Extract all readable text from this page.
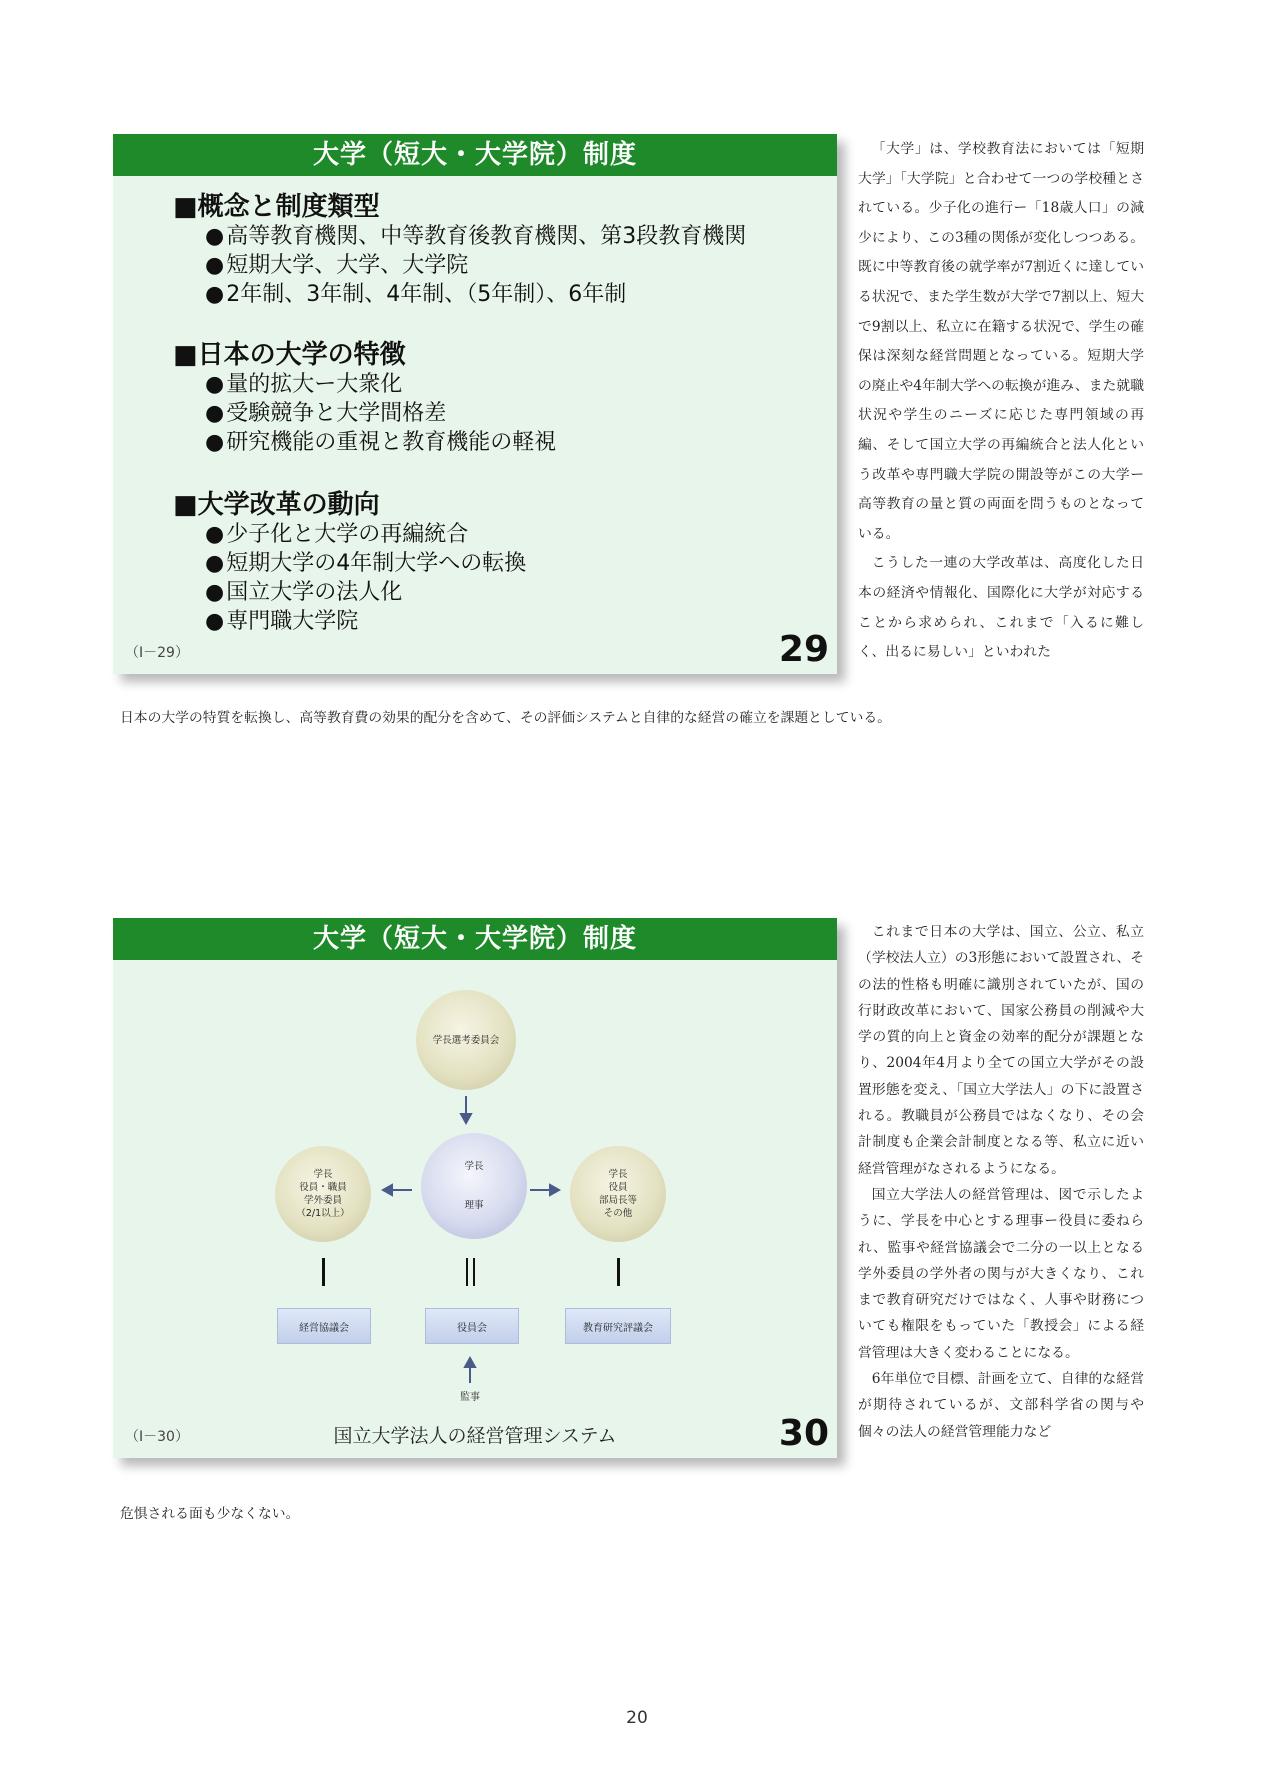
大学（短大・大学院）制度
■概念と制度類型
● 高等教育機関、中等教育後教育機関、第3段教育機関
● 短期大学、大学、大学院
● 2年制、3年制、4年制、（5年制）、6年制
■日本の大学の特徴
● 量的拡大ー大衆化
● 受験競争と大学間格差
● 研究機能の重視と教育機能の軽視
■大学改革の動向
● 少子化と大学の再編統合
● 短期大学の4年制大学への転換
● 国立大学の法人化
● 専門職大学院
（Ⅰ－29）	29

「大学」は、学校教育法においては「短期大学」「大学院」と合わせて一つの学校種とされている。少子化の進行ー「18歳人口」の減少により、この3種の関係が変化しつつある。既に中等教育後の就学率が7割近くに達している状況で、また学生数が大学で7割以上、短大で9割以上、私立に在籍する状況で、学生の確保は深刻な経営問題となっている。短期大学の廃止や4年制大学への転換が進み、また就職状況や学生のニーズに応じた専門領域の再編、そして国立大学の再編統合と法人化という改革や専門職大学院の開設等がこの大学ー高等教育の量と質の両面を問うものとなっている。

こうした一連の大学改革は、高度化した日本の経済や情報化、国際化に大学が対応することから求められ、これまで「入るに難しく、出るに易しい」といわれた

日本の大学の特質を転換し、高等教育費の効果的配分を含めて、その評価システムと自律的な経営の確立を課題としている。
大学（短大・大学院）制度
学長選考委員会
学長
理事
学長
役員・職員
学外委員
（2/1以上）
学長
役員
部局長等
その他
経営協議会	役員会	教育研究評議会
監事
国立大学法人の経営管理システム
（Ⅰ－30）	30

これまで日本の大学は、国立、公立、私立（学校法人立）の3形態において設置され、その法的性格も明確に識別されていたが、国の行財政改革において、国家公務員の削減や大学の質的向上と資金の効率的配分が課題となり、2004年4月より全ての国立大学がその設置形態を変え、「国立大学法人」の下に設置される。教職員が公務員ではなくなり、その会計制度も企業会計制度となる等、私立に近い経営管理がなされるようになる。

国立大学法人の経営管理は、図で示したように、学長を中心とする理事ー役員に委ねられ、監事や経営協議会で二分の一以上となる学外委員の学外者の関与が大きくなり、これまで教育研究だけではなく、人事や財務についても権限をもっていた「教授会」による経営管理は大きく変わることになる。

6年単位で目標、計画を立て、自律的な経営が期待されているが、文部科学省の関与や個々の法人の経営管理能力など

危惧される面も少なくない。
20
